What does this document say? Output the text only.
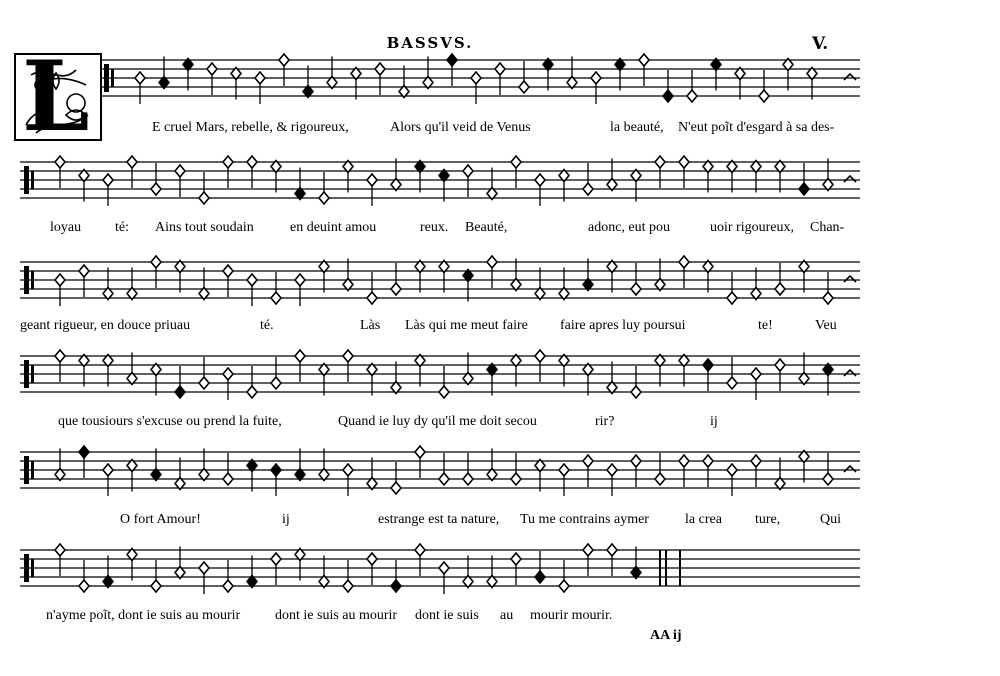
BASSVS.	V.
L	E cruel Mars, rebelle, & rigoureux,	Alors qu'il veid de Venus	la beauté, N'eut poĩt d'esgard à sa des-
loyau té: Ains tout soudain	en deuint amou	reux. Beauté,	adonc, eut pou	uoir rigoureux, Chan-
geant rigueur, en douce priuau	té.	Làs Làs qui me meut faire faire apres luy poursui	te!	Veu
que tousiours s'excuse ou prend la fuite,	Quand ie luy dy qu'il me doit secou	rir?	ij
O fort Amour!	ij	estrange est ta nature, Tu me contrains aymer	la crea ture,	Qui
n'ayme poĩt, dont ie suis au mourir dont ie suis au mourir dont ie suis au mourir mourir.
AA ij
